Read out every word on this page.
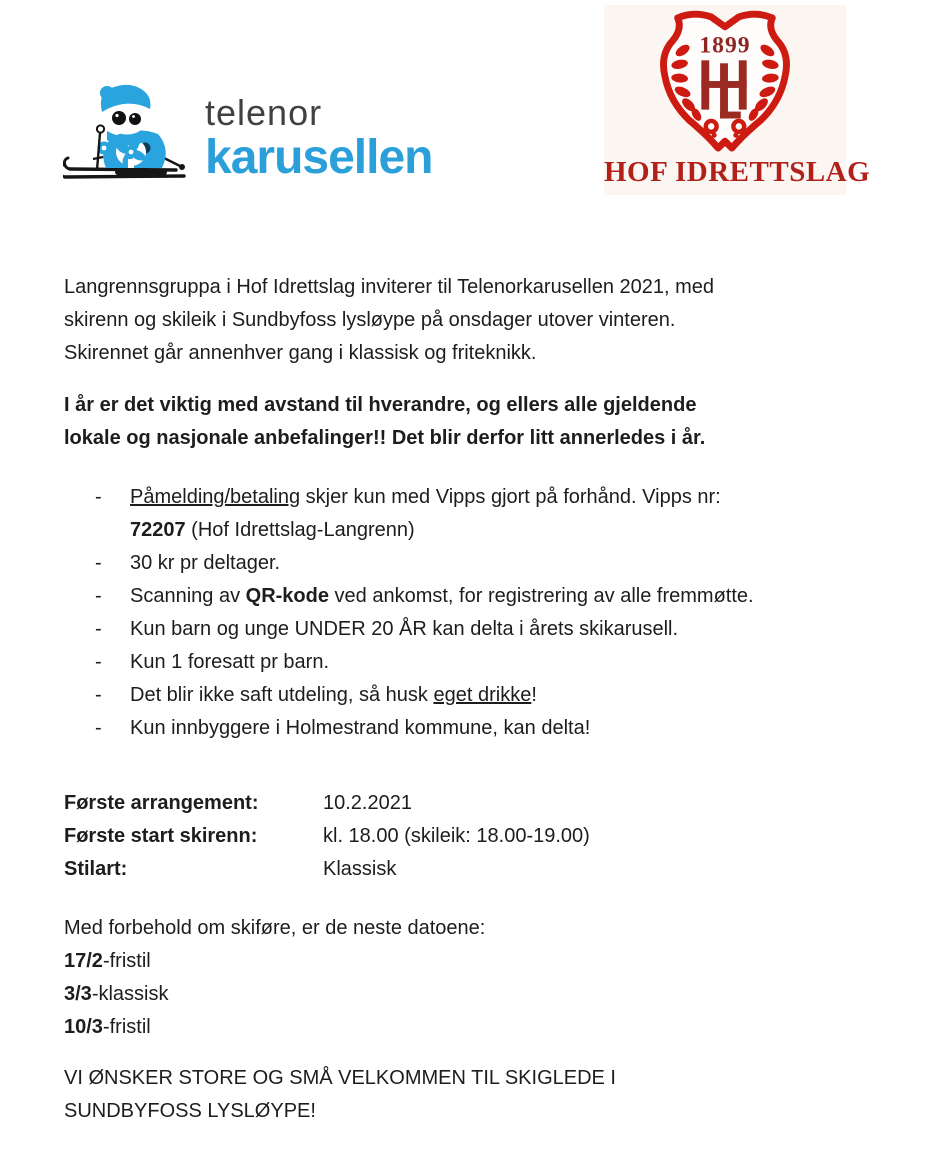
telenor
karusellen
1899
HOF IDRETTSLAG
Langrennsgruppa i Hof Idrettslag inviterer til Telenorkarusellen 2021, med
skirenn og skileik i Sundbyfoss lysløype på onsdager utover vinteren.
Skirennet går annenhver gang i klassisk og friteknikk.
I år er det viktig med avstand til hverandre, og ellers alle gjeldende
lokale og nasjonale anbefalinger!! Det blir derfor litt annerledes i år.
-	Påmelding/betaling skjer kun med Vipps gjort på forhånd. Vipps nr:
72207 (Hof Idrettslag-Langrenn)
-	30 kr pr deltager.
-	Scanning av QR-kode ved ankomst, for registrering av alle fremmøtte.
-	Kun barn og unge UNDER 20 ÅR kan delta i årets skikarusell.
-	Kun 1 foresatt pr barn.
-	Det blir ikke saft utdeling, så husk eget drikke!
-	Kun innbyggere i Holmestrand kommune, kan delta!
Første arrangement:	10.2.2021
Første start skirenn:	kl. 18.00 (skileik: 18.00-19.00)
Stilart:	Klassisk
Med forbehold om skiføre, er de neste datoene:
17/2-fristil
3/3-klassisk
10/3-fristil
VI ØNSKER STORE OG SMÅ VELKOMMEN TIL SKIGLEDE I
SUNDBYFOSS LYSLØYPE!
